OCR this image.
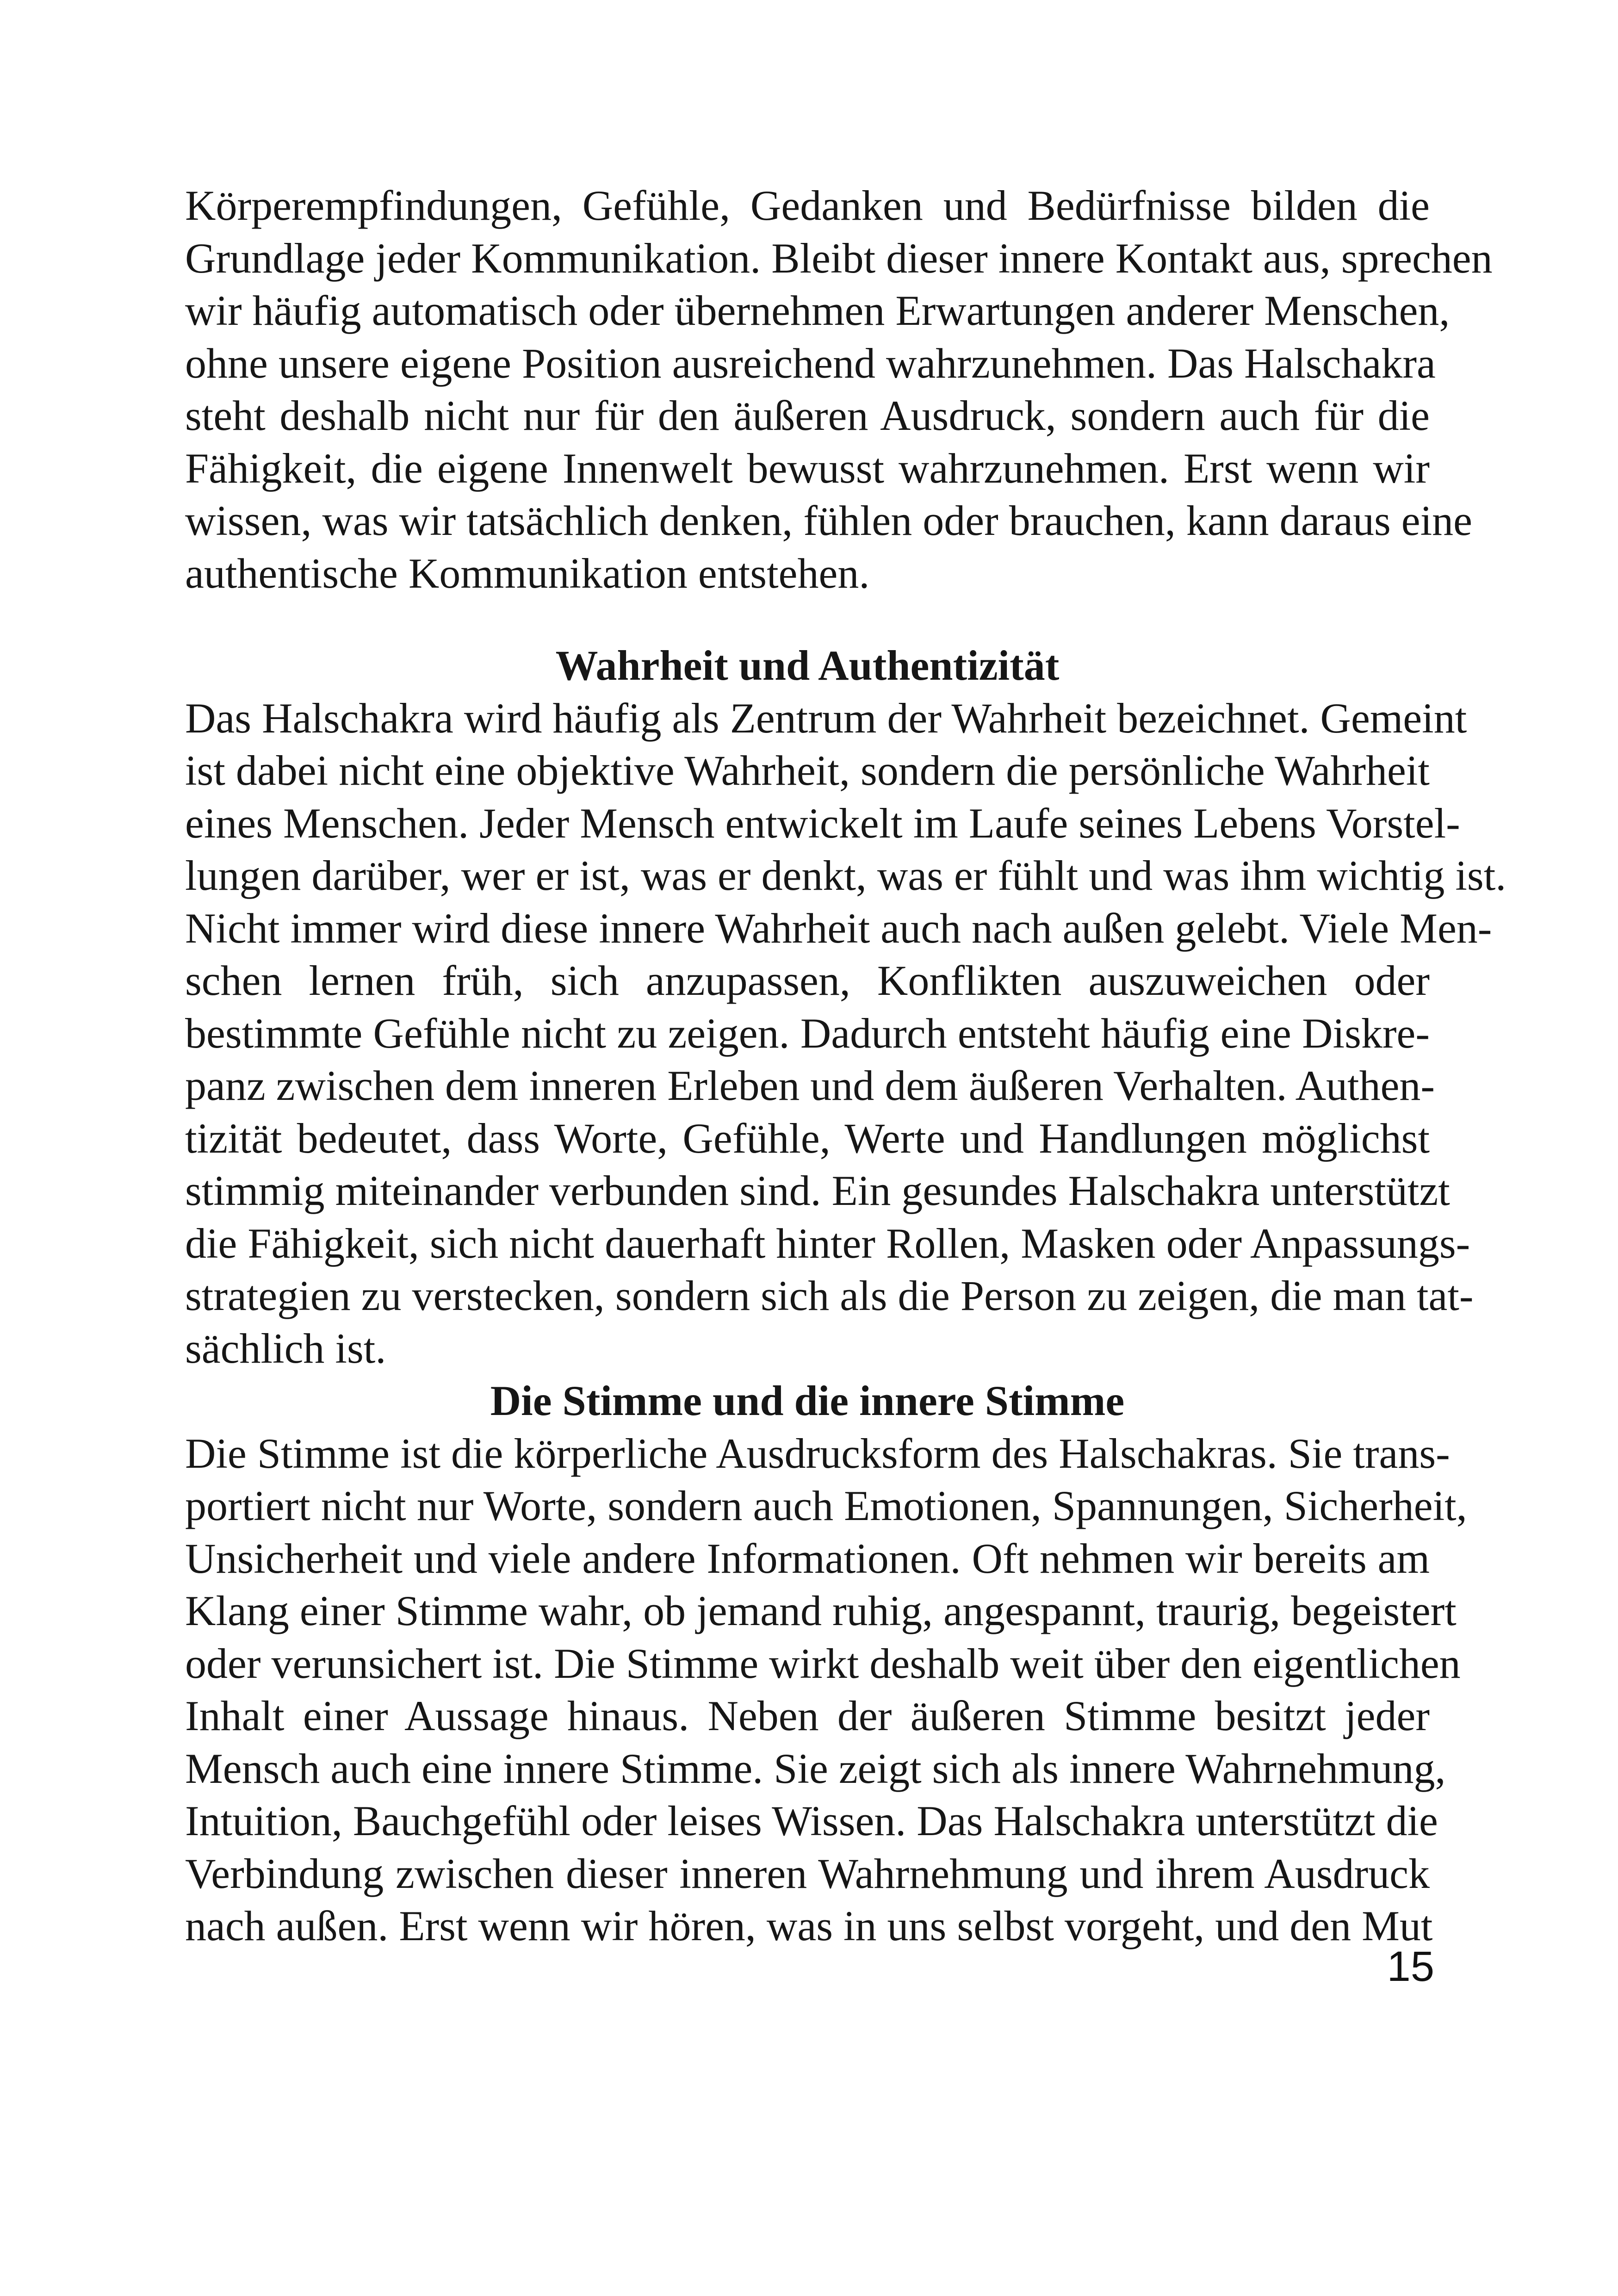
Körperempfindungen, Gefühle, Gedanken und Bedürfnisse bilden die
Grundlage jeder Kommunikation. Bleibt dieser innere Kontakt aus, sprechen
wir häufig automatisch oder übernehmen Erwartungen anderer Menschen,
ohne unsere eigene Position ausreichend wahrzunehmen. Das Halschakra
steht deshalb nicht nur für den äußeren Ausdruck, sondern auch für die
Fähigkeit, die eigene Innenwelt bewusst wahrzunehmen. Erst wenn wir
wissen, was wir tatsächlich denken, fühlen oder brauchen, kann daraus eine
authentische Kommunikation entstehen.
Wahrheit und Authentizität
Das Halschakra wird häufig als Zentrum der Wahrheit bezeichnet. Gemeint
ist dabei nicht eine objektive Wahrheit, sondern die persönliche Wahrheit
eines Menschen. Jeder Mensch entwickelt im Laufe seines Lebens Vorstel-
lungen darüber, wer er ist, was er denkt, was er fühlt und was ihm wichtig ist.
Nicht immer wird diese innere Wahrheit auch nach außen gelebt. Viele Men-
schen lernen früh, sich anzupassen, Konflikten auszuweichen oder
bestimmte Gefühle nicht zu zeigen. Dadurch entsteht häufig eine Diskre-
panz zwischen dem inneren Erleben und dem äußeren Verhalten. Authen-
tizität bedeutet, dass Worte, Gefühle, Werte und Handlungen möglichst
stimmig miteinander verbunden sind. Ein gesundes Halschakra unterstützt
die Fähigkeit, sich nicht dauerhaft hinter Rollen, Masken oder Anpassungs-
strategien zu verstecken, sondern sich als die Person zu zeigen, die man tat-
sächlich ist.
Die Stimme und die innere Stimme
Die Stimme ist die körperliche Ausdrucksform des Halschakras. Sie trans-
portiert nicht nur Worte, sondern auch Emotionen, Spannungen, Sicherheit,
Unsicherheit und viele andere Informationen. Oft nehmen wir bereits am
Klang einer Stimme wahr, ob jemand ruhig, angespannt, traurig, begeistert
oder verunsichert ist. Die Stimme wirkt deshalb weit über den eigentlichen
Inhalt einer Aussage hinaus. Neben der äußeren Stimme besitzt jeder
Mensch auch eine innere Stimme. Sie zeigt sich als innere Wahrnehmung,
Intuition, Bauchgefühl oder leises Wissen. Das Halschakra unterstützt die
Verbindung zwischen dieser inneren Wahrnehmung und ihrem Ausdruck
nach außen. Erst wenn wir hören, was in uns selbst vorgeht, und den Mut
15
